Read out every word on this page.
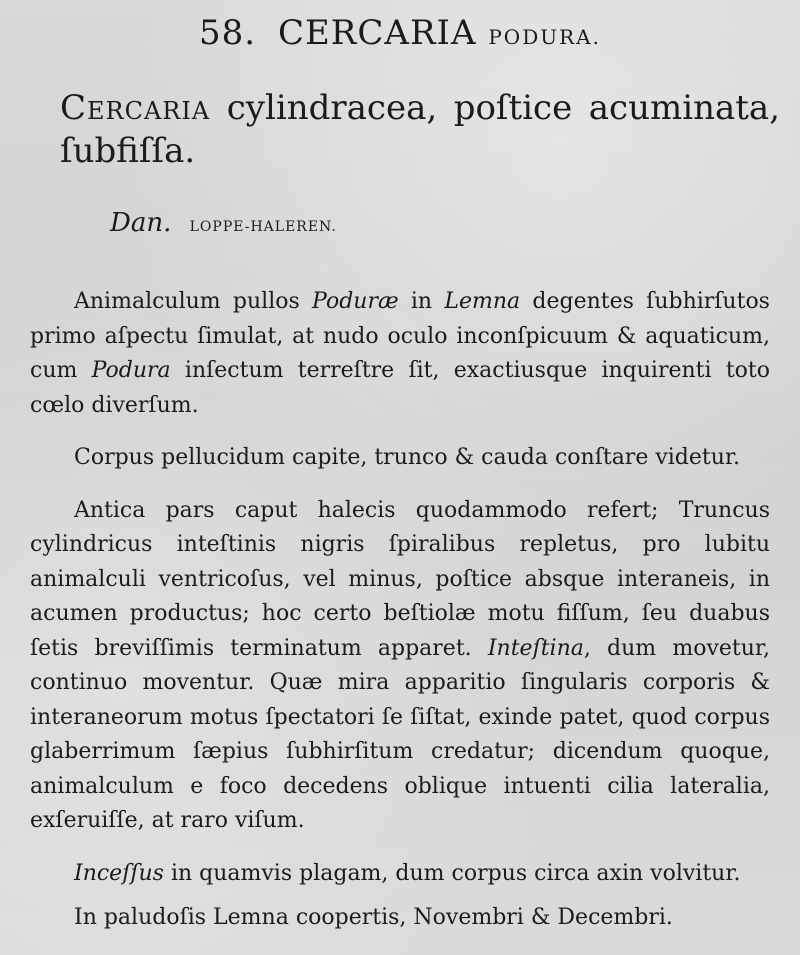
58. CERCARIA PODURA.
Cercaria cylindracea, poſtice acuminata, ſubfiſſa.
Dan. LOPPE-HALEREN.

Animalculum pullos Poduræ in Lemna degentes ſubhirſutos primo aſpectu ſimulat, at nudo oculo inconſpicuum & aquaticum, cum Podura inſectum terreſtre ſit, exactiusque inquirenti toto cœlo diverſum.

Corpus pellucidum capite, trunco & cauda conſtare videtur.

Antica pars caput halecis quodammodo refert; Truncus cylindricus inteſtinis nigris ſpiralibus repletus, pro lubitu animalculi ventricoſus, vel minus, poſtice absque interaneis, in acumen productus; hoc certo beſtiolæ motu fiſſum, ſeu duabus ſetis breviſſimis terminatum apparet. Inteſtina, dum movetur, continuo moventur. Quæ mira apparitio ſingularis corporis & interaneorum motus ſpectatori ſe ſiſtat, exinde patet, quod corpus glaberrimum ſæpius ſubhirſitum credatur; dicendum quoque, animalculum e foco decedens oblique intuenti cilia lateralia, exſeruiſſe, at raro viſum.

Inceſſus in quamvis plagam, dum corpus circa axin volvitur.

In paludoſis Lemna coopertis, Novembri & Decembri.
